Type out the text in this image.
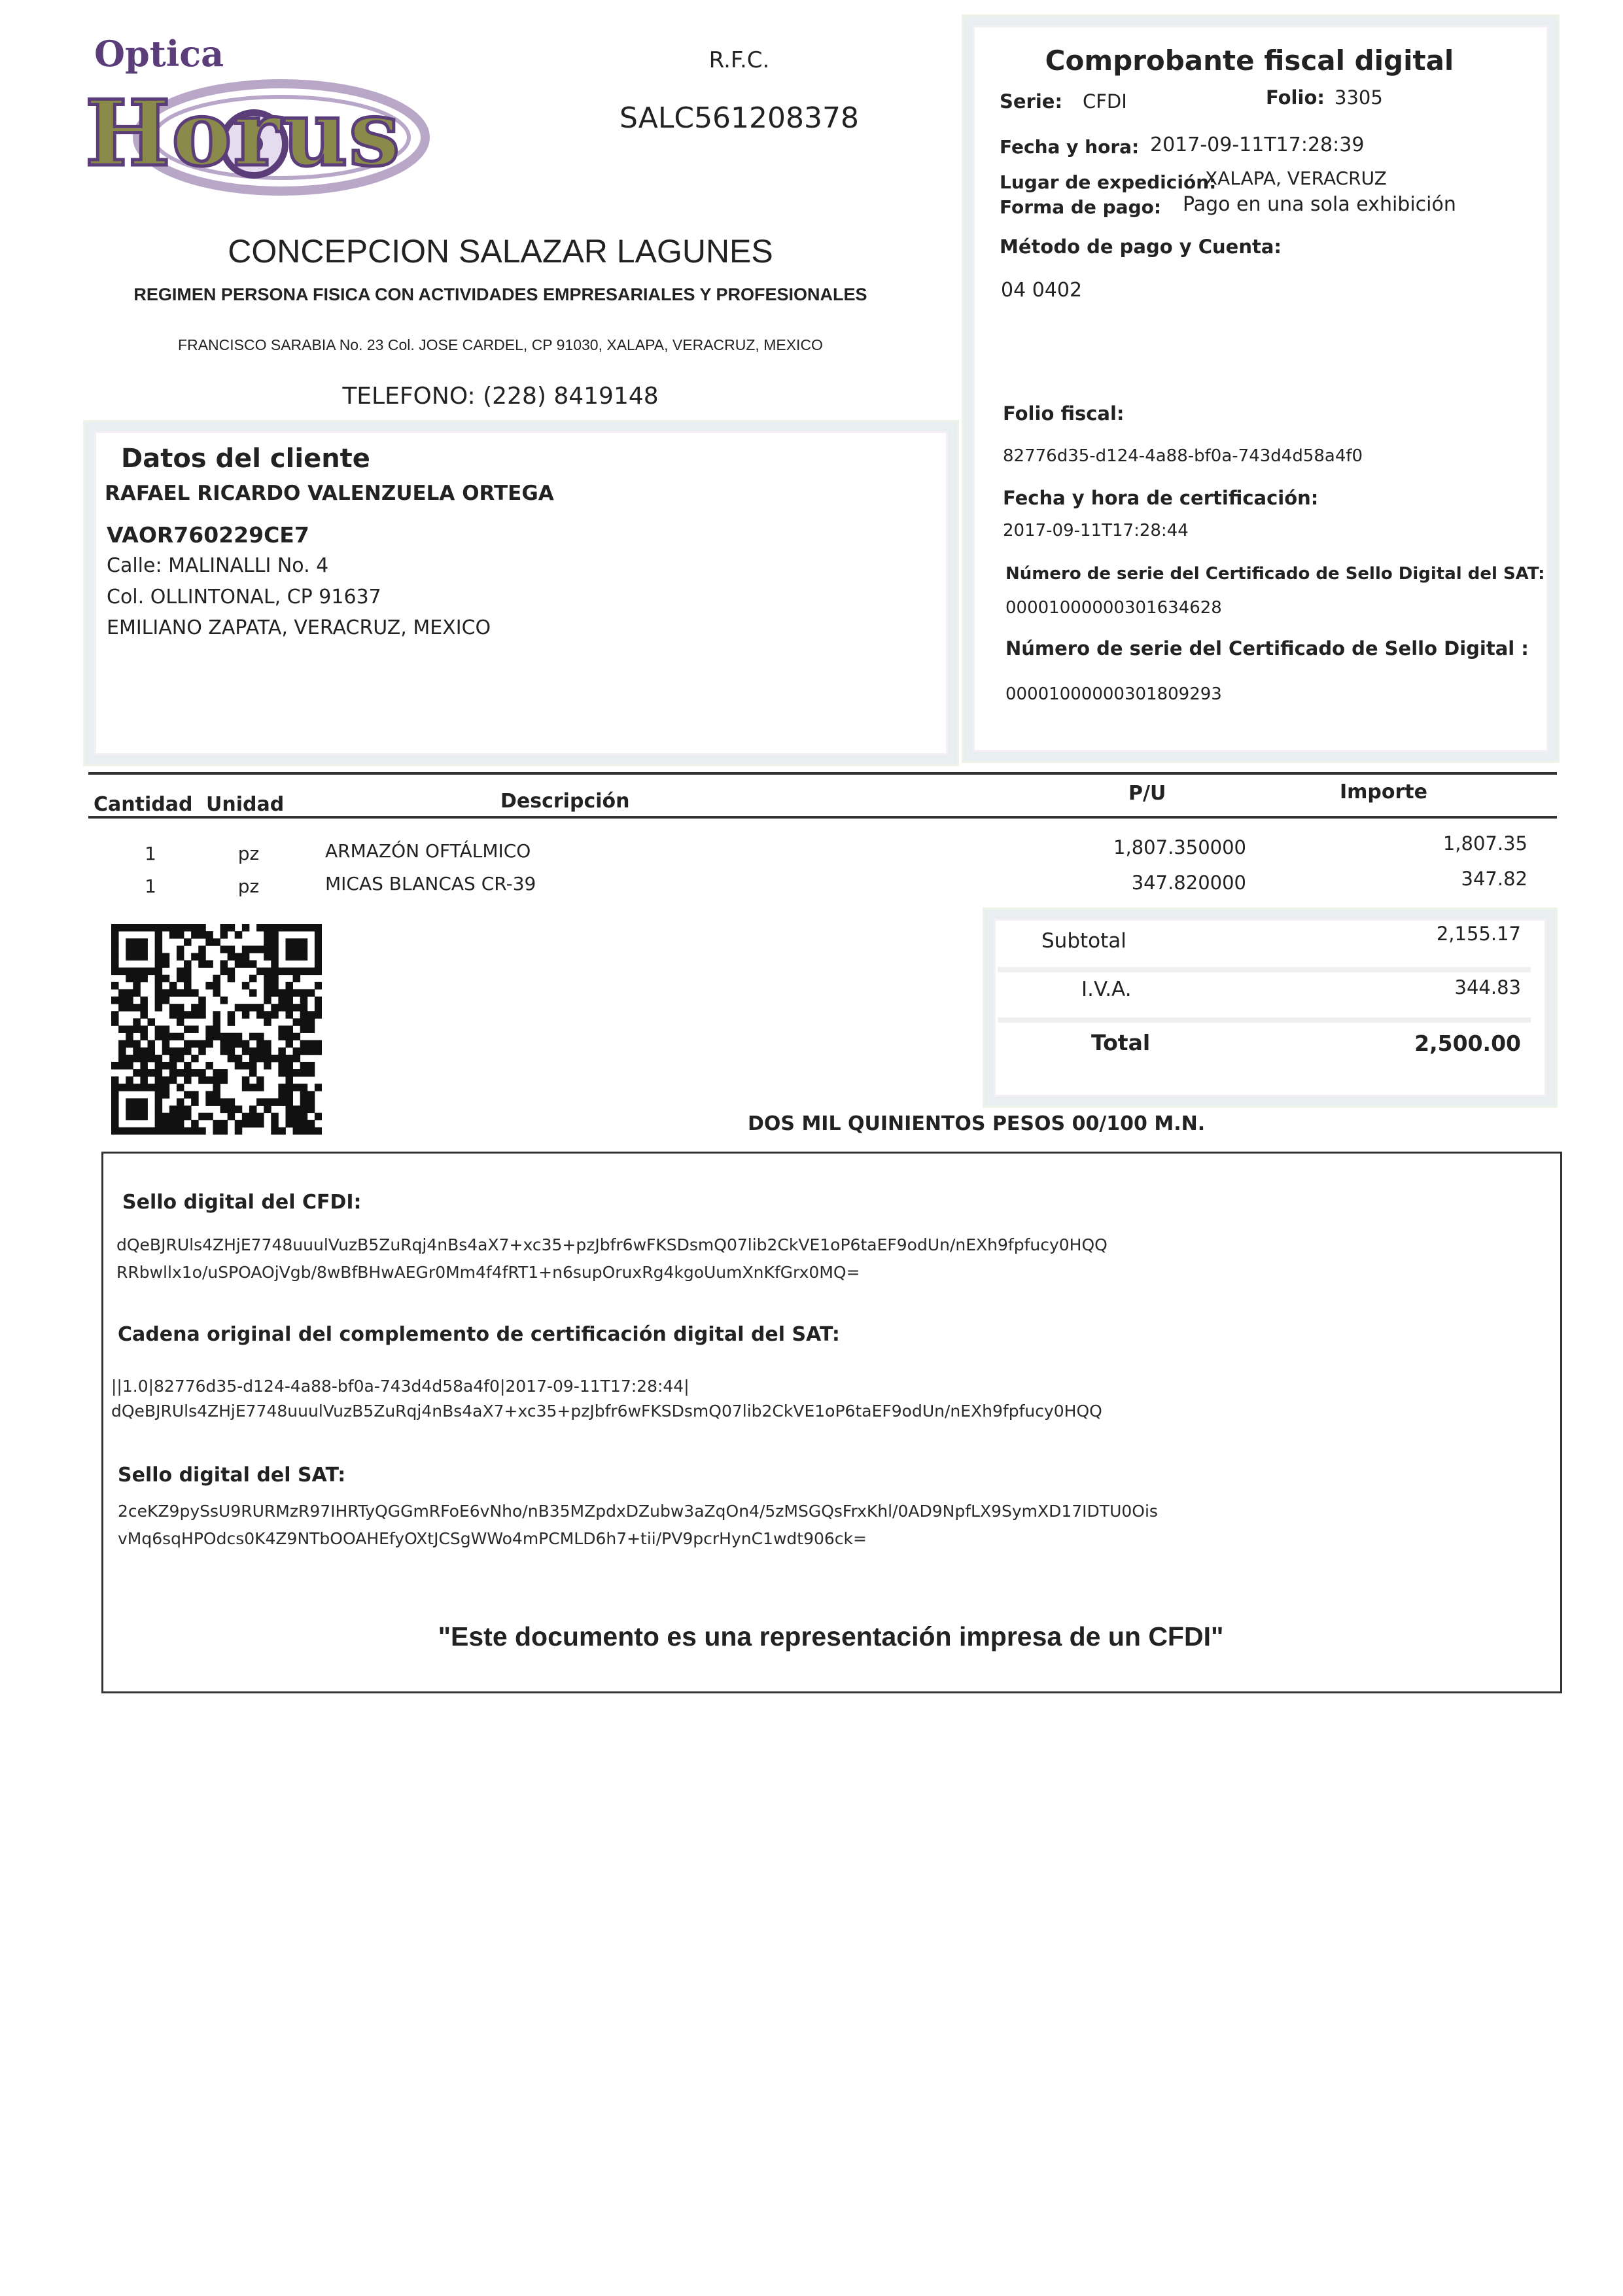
Optica
Horus
R.F.C.
SALC561208378
CONCEPCION SALAZAR LAGUNES
REGIMEN PERSONA FISICA CON ACTIVIDADES EMPRESARIALES Y PROFESIONALES
FRANCISCO SARABIA No. 23 Col. JOSE CARDEL, CP 91030, XALAPA, VERACRUZ, MEXICO
TELEFONO: (228) 8419148
Comprobante fiscal digital
Serie: CFDI	Folio: 3305
Fecha y hora: 2017-09-11T17:28:39
Lugar de expedición:
XALAPA, VERACRUZ
Forma de pago: Pago en una sola exhibición
Método de pago y Cuenta:
04 0402
Folio fiscal:
82776d35-d124-4a88-bf0a-743d4d58a4f0
Fecha y hora de certificación:
2017-09-11T17:28:44
Número de serie del Certificado de Sello Digital del SAT:
00001000000301634628
Número de serie del Certificado de Sello Digital :
00001000000301809293
Datos del cliente
RAFAEL RICARDO VALENZUELA ORTEGA
VAOR760229CE7
Calle: MALINALLI No. 4
Col. OLLINTONAL, CP 91637
EMILIANO ZAPATA, VERACRUZ, MEXICO
Cantidad Unidad	Descripción	P/U	Importe
1	pz	ARMAZÓN OFTÁLMICO	1,807.350000	1,807.35
1	pz	MICAS BLANCAS CR-39	347.820000	347.82
Subtotal	2,155.17
I.V.A.	344.83
Total	2,500.00
DOS MIL QUINIENTOS PESOS 00/100 M.N.
Sello digital del CFDI:
dQeBJRUls4ZHjE7748uuulVuzB5ZuRqj4nBs4aX7+xc35+pzJbfr6wFKSDsmQ07lib2CkVE1oP6taEF9odUn/nEXh9fpfucy0HQQ
RRbwllx1o/uSPOAOjVgb/8wBfBHwAEGr0Mm4f4fRT1+n6supOruxRg4kgoUumXnKfGrx0MQ=
Cadena original del complemento de certificación digital del SAT:
||1.0|82776d35-d124-4a88-bf0a-743d4d58a4f0|2017-09-11T17:28:44|
dQeBJRUls4ZHjE7748uuulVuzB5ZuRqj4nBs4aX7+xc35+pzJbfr6wFKSDsmQ07lib2CkVE1oP6taEF9odUn/nEXh9fpfucy0HQQ
Sello digital del SAT:
2ceKZ9pySsU9RURMzR97IHRTyQGGmRFoE6vNho/nB35MZpdxDZubw3aZqOn4/5zMSGQsFrxKhl/0AD9NpfLX9SymXD17IDTU0Ois
vMq6sqHPOdcs0K4Z9NTbOOAHEfyOXtJCSgWWo4mPCMLD6h7+tii/PV9pcrHynC1wdt906ck=
"Este documento es una representación impresa de un CFDI"
